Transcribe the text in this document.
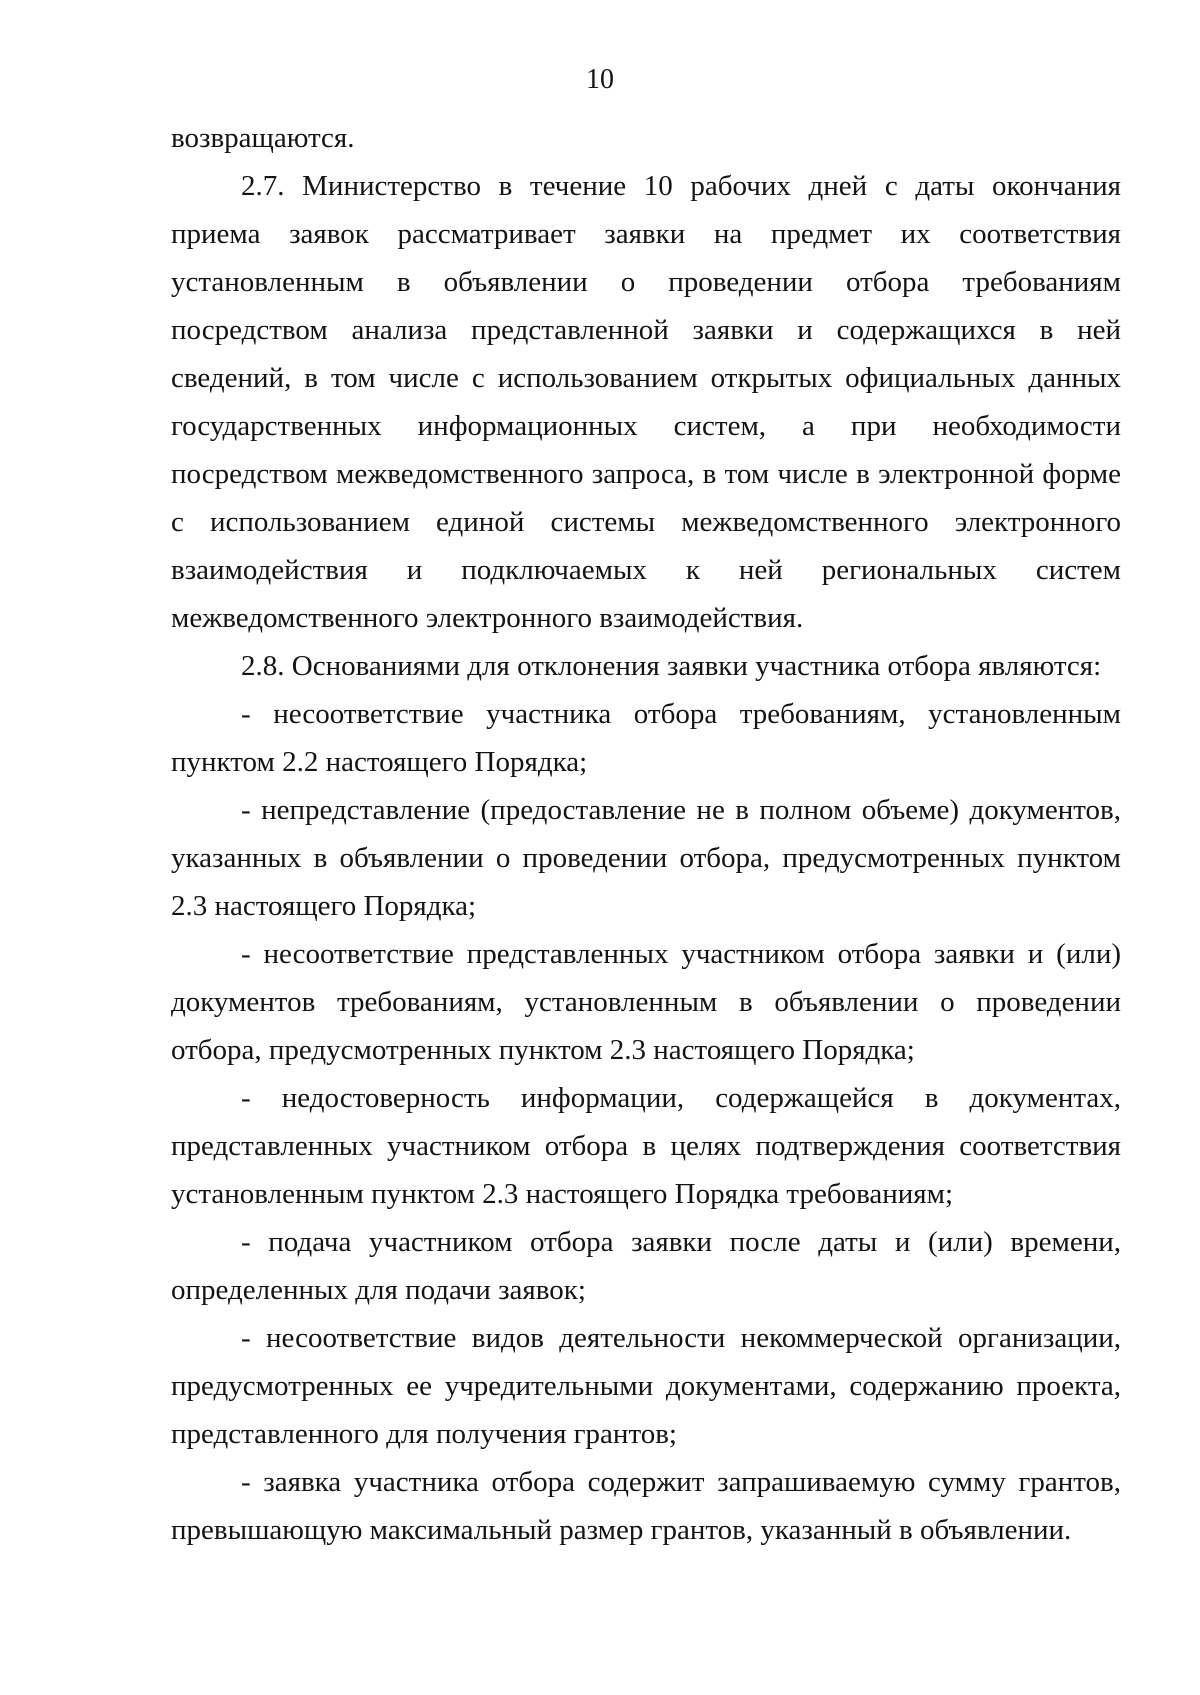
10

возвращаются.

2.7. Министерство в течение 10 рабочих дней с даты окончания приема заявок рассматривает заявки на предмет их соответствия установленным в объявлении о проведении отбора требованиям посредством анализа представленной заявки и содержащихся в ней сведений, в том числе с использованием открытых официальных данных государственных информационных систем, а при необходимости посредством межведомственного запроса, в том числе в электронной форме с использованием единой системы межведомственного электронного взаимодействия и подключаемых к ней региональных систем межведомственного электронного взаимодействия.

2.8. Основаниями для отклонения заявки участника отбора являются:

- несоответствие участника отбора требованиям, установленным пунктом 2.2 настоящего Порядка;

- непредставление (предоставление не в полном объеме) документов, указанных в объявлении о проведении отбора, предусмотренных пунктом 2.3 настоящего Порядка;

- несоответствие представленных участником отбора заявки и (или) документов требованиям, установленным в объявлении о проведении отбора, предусмотренных пунктом 2.3 настоящего Порядка;

- недостоверность информации, содержащейся в документах, представленных участником отбора в целях подтверждения соответствия установленным пунктом 2.3 настоящего Порядка требованиям;

- подача участником отбора заявки после даты и (или) времени, определенных для подачи заявок;

- несоответствие видов деятельности некоммерческой организации, предусмотренных ее учредительными документами, содержанию проекта, представленного для получения грантов;

- заявка участника отбора содержит запрашиваемую сумму грантов, превышающую максимальный размер грантов, указанный в объявлении.
